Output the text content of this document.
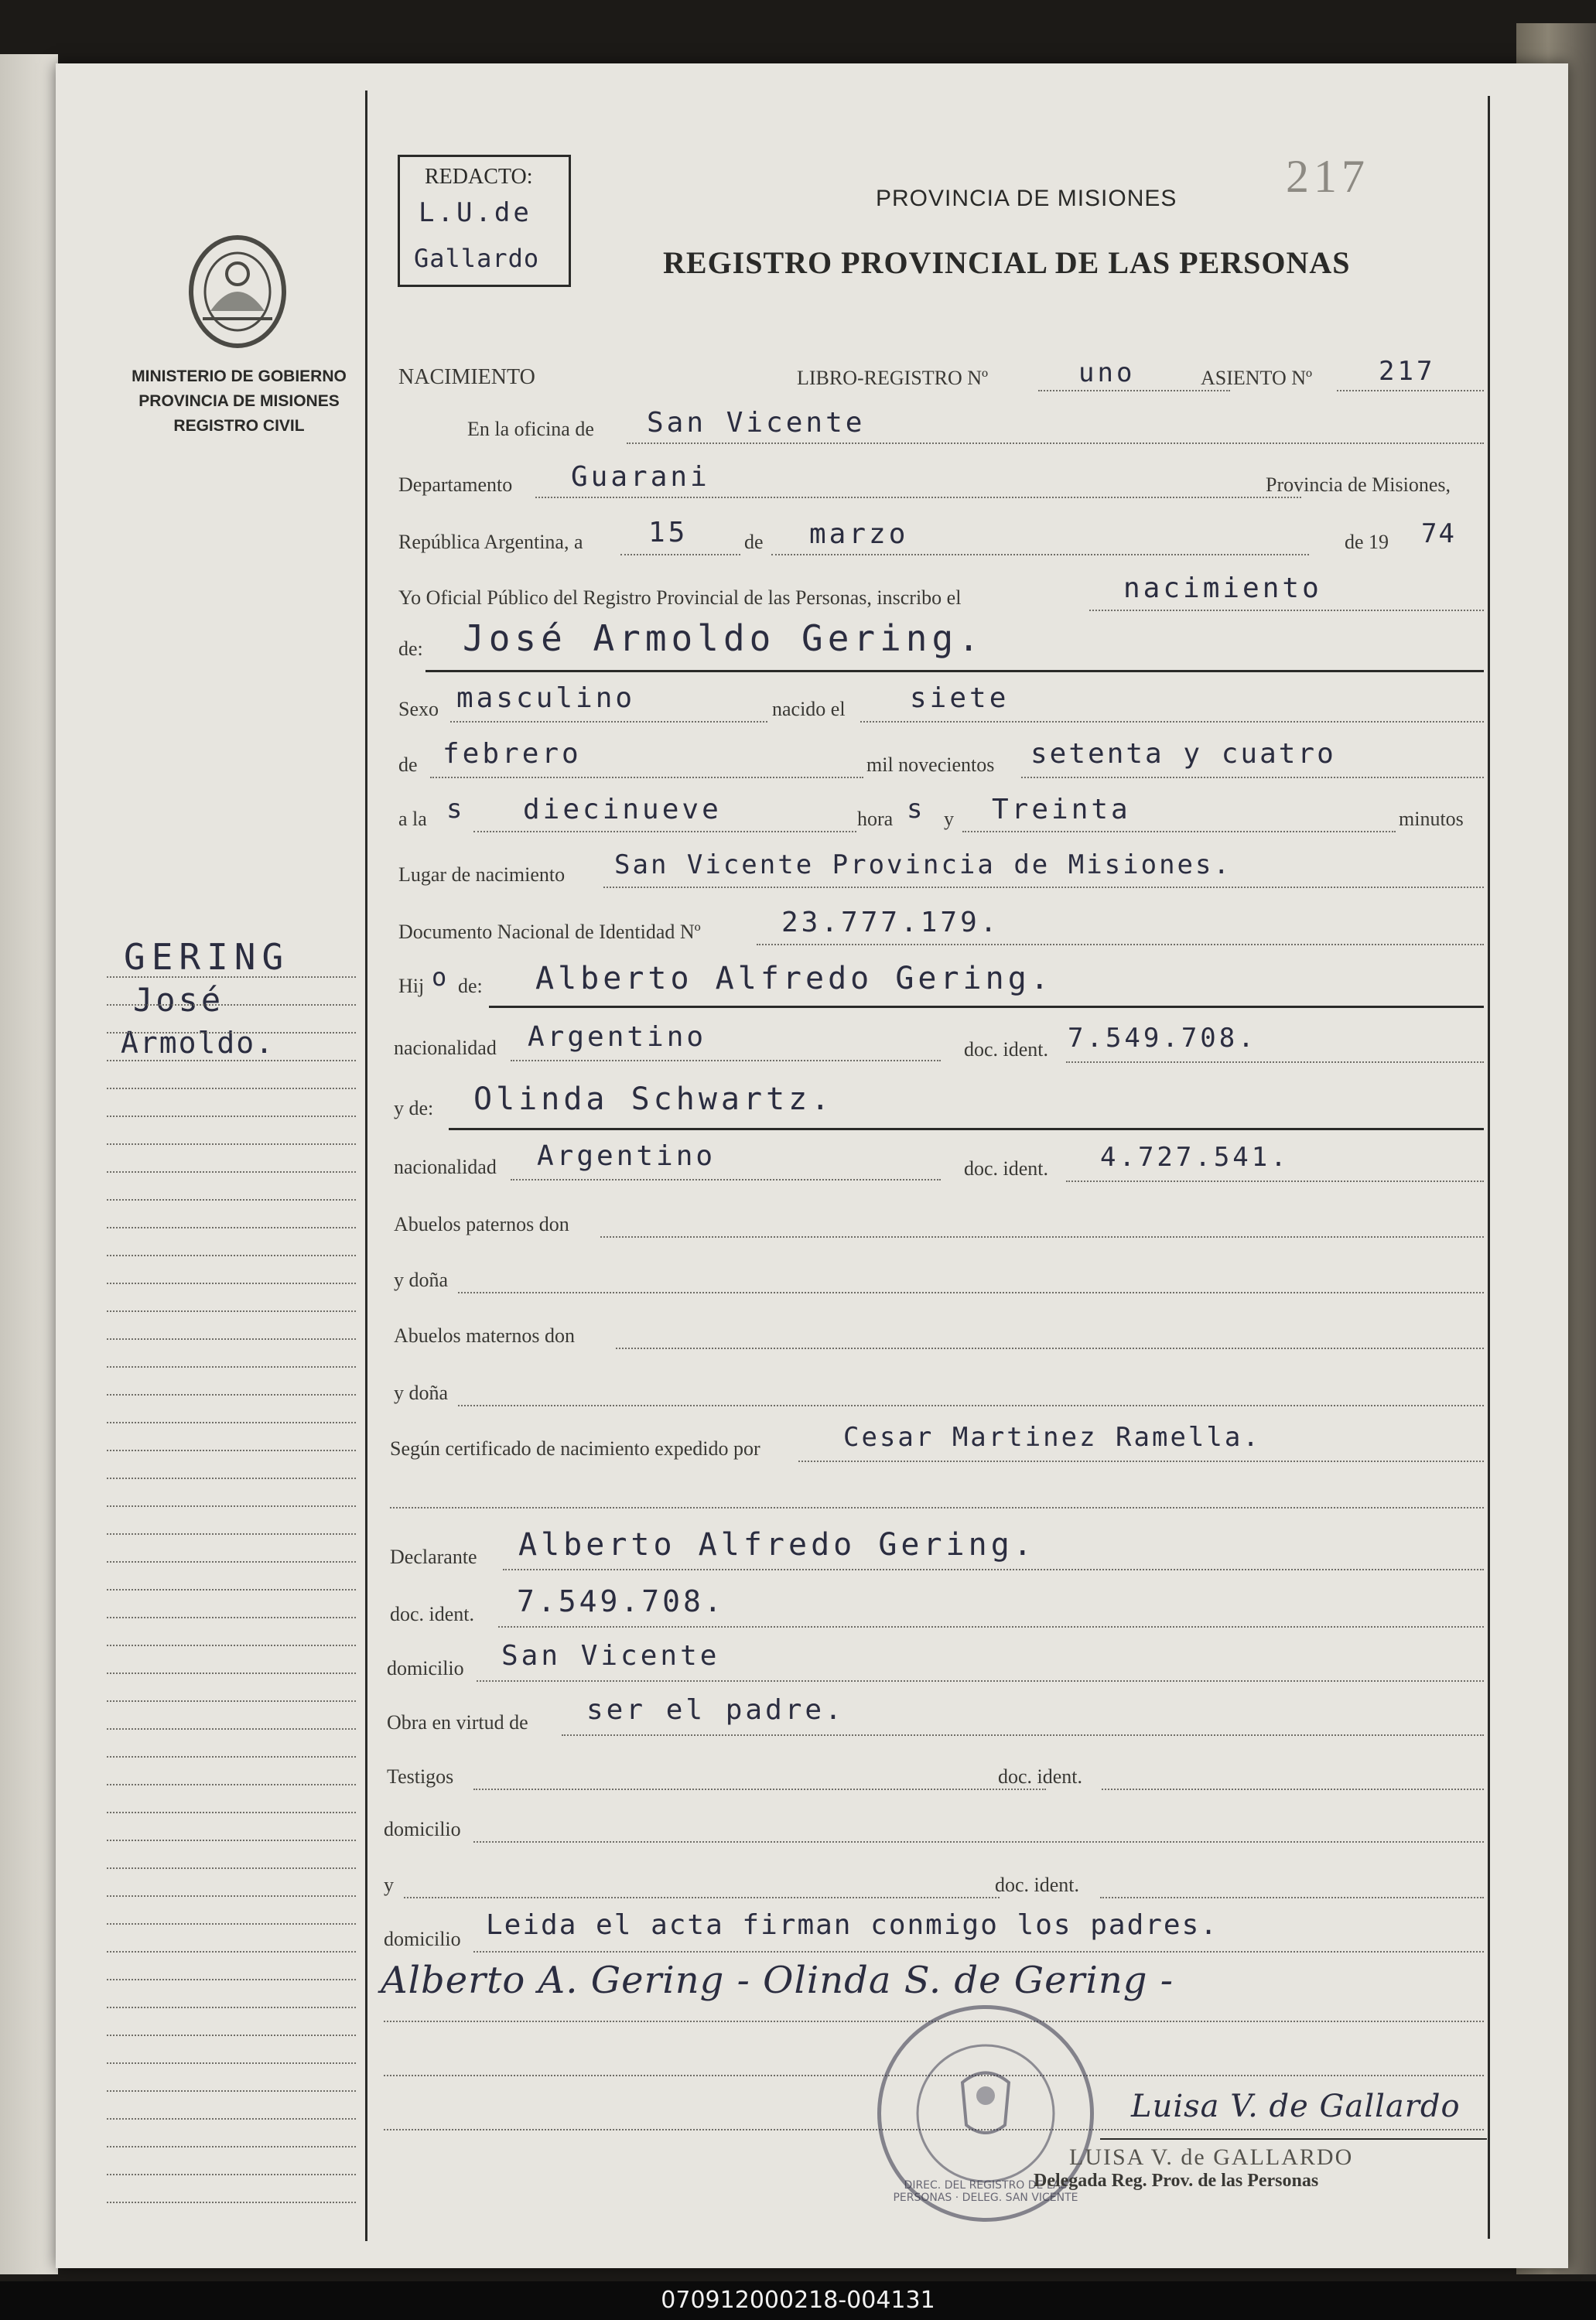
REDACTO:
L.U.de
Gallardo
PROVINCIA DE MISIONES
REGISTRO PROVINCIAL DE LAS PERSONAS
217
MINISTERIO DE GOBIERNO
PROVINCIA DE MISIONES
REGISTRO CIVIL
GERING
José
Armoldo.
NACIMIENTO	LIBRO-REGISTRO Nº	uno	ASIENTO Nº	217
En la oficina de San Vicente
Departamento Guarani	Provincia de Misiones,
República Argentina, a 15	de marzo	de 19 74
Yo Oficial Público del Registro Provincial de las Personas, inscribo el	nacimiento
de: José Armoldo Gering.
Sexo masculino	nacido el siete
de febrero	mil novecientos setenta y cuatro
a la s diecinueve	hora s y Treinta	minutos
Lugar de nacimiento San Vicente Provincia de Misiones.
Documento Nacional de Identidad Nº	23.777.179.
Hij o de: Alberto Alfredo Gering.
nacionalidad Argentino	doc. ident. 7.549.708.
y de: Olinda Schwartz.
nacionalidad Argentino	doc. ident. 4.727.541.
Abuelos paternos don
y doña
Abuelos maternos don
y doña
Según certificado de nacimiento expedido por	Cesar Martinez Ramella.
Declarante Alberto Alfredo Gering.
doc. ident. 7.549.708.
domicilio San Vicente
Obra en virtud de ser el padre.
Testigos	doc. ident.
domicilio
y	doc. ident.
domicilio Leida el acta firman conmigo los padres.
Alberto A. Gering - Olinda S. de Gering -
DIREC. DEL REGISTRO DE LAS PERSONAS · DELEG. SAN VICENTE
Luisa V. de Gallardo
LUISA V. de GALLARDO
Delegada Reg. Prov. de las Personas
070912000218-004131
